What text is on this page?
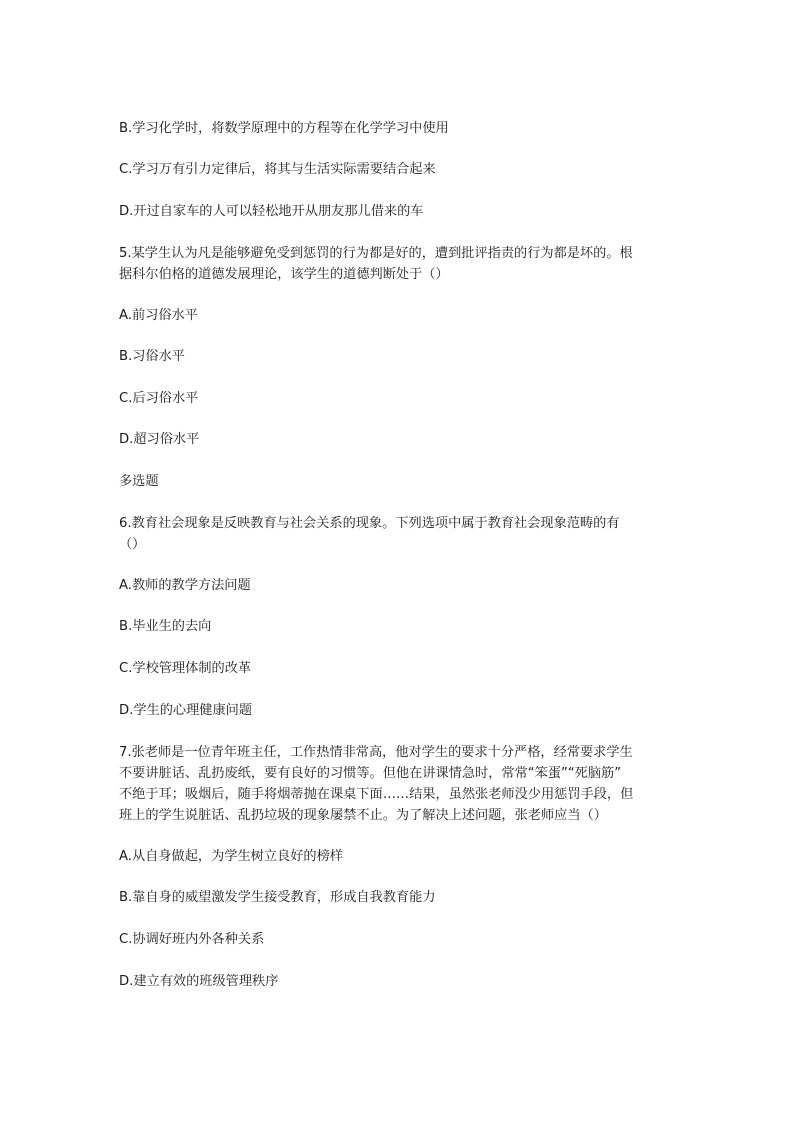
B.学习化学时，将数学原理中的方程等在化学学习中使用
C.学习万有引力定律后，将其与生活实际需要结合起来
D.开过自家车的人可以轻松地开从朋友那儿借来的车
5.某学生认为凡是能够避免受到惩罚的行为都是好的，遭到批评指责的行为都是坏的。根
据科尔伯格的道德发展理论，该学生的道德判断处于（）
A.前习俗水平
B.习俗水平
C.后习俗水平
D.超习俗水平
多选题
6.教育社会现象是反映教育与社会关系的现象。下列选项中属于教育社会现象范畴的有
（）
A.教师的教学方法问题
B.毕业生的去向
C.学校管理体制的改革
D.学生的心理健康问题
7.张老师是一位青年班主任，工作热情非常高，他对学生的要求十分严格，经常要求学生
不要讲脏话、乱扔废纸，要有良好的习惯等。但他在讲课情急时，常常“笨蛋”“死脑筋”
不绝于耳；吸烟后，随手将烟蒂抛在课桌下面……结果，虽然张老师没少用惩罚手段，但
班上的学生说脏话、乱扔垃圾的现象屡禁不止。为了解决上述问题，张老师应当（）
A.从自身做起，为学生树立良好的榜样
B.靠自身的威望激发学生接受教育，形成自我教育能力
C.协调好班内外各种关系
D.建立有效的班级管理秩序
